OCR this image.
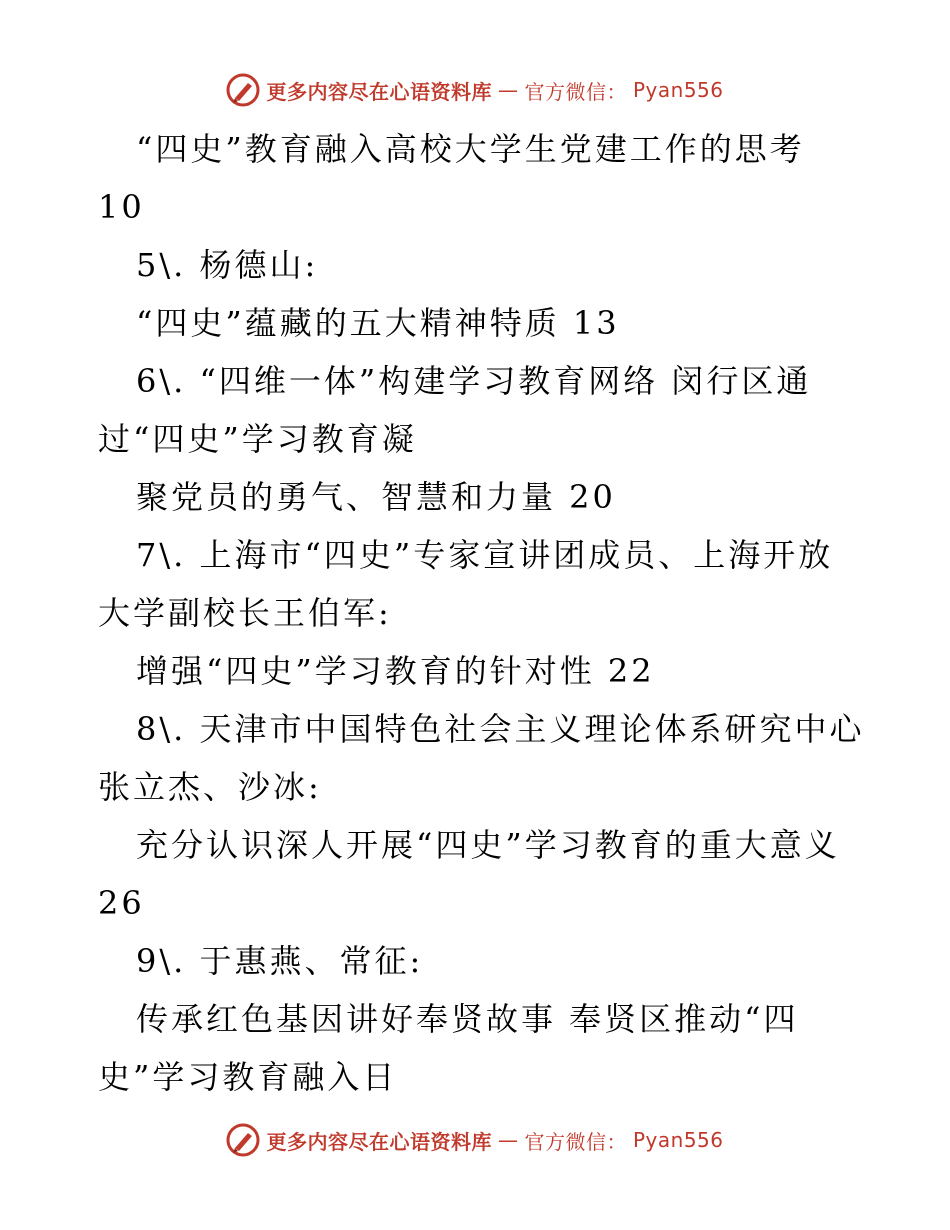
更多内容尽在心语资料库 — 官方微信： Pyan556
“四史”教育融入高校大学生党建工作的思考
10
5\. 杨德山:
“四史”蕴藏的五大精神特质 13
6\. “四维一体”构建学习教育网络 闵行区通
过“四史”学习教育凝
聚党员的勇气、智慧和力量 20
7\. 上海市“四史”专家宣讲团成员、上海开放
大学副校长王伯军:
增强“四史”学习教育的针对性 22
8\. 天津市中国特色社会主义理论体系研究中心
张立杰、沙冰:
充分认识深人开展“四史”学习教育的重大意义
26
9\. 于惠燕、常征:
传承红色基因讲好奉贤故事 奉贤区推动“四
史”学习教育融入日
更多内容尽在心语资料库 — 官方微信： Pyan556
